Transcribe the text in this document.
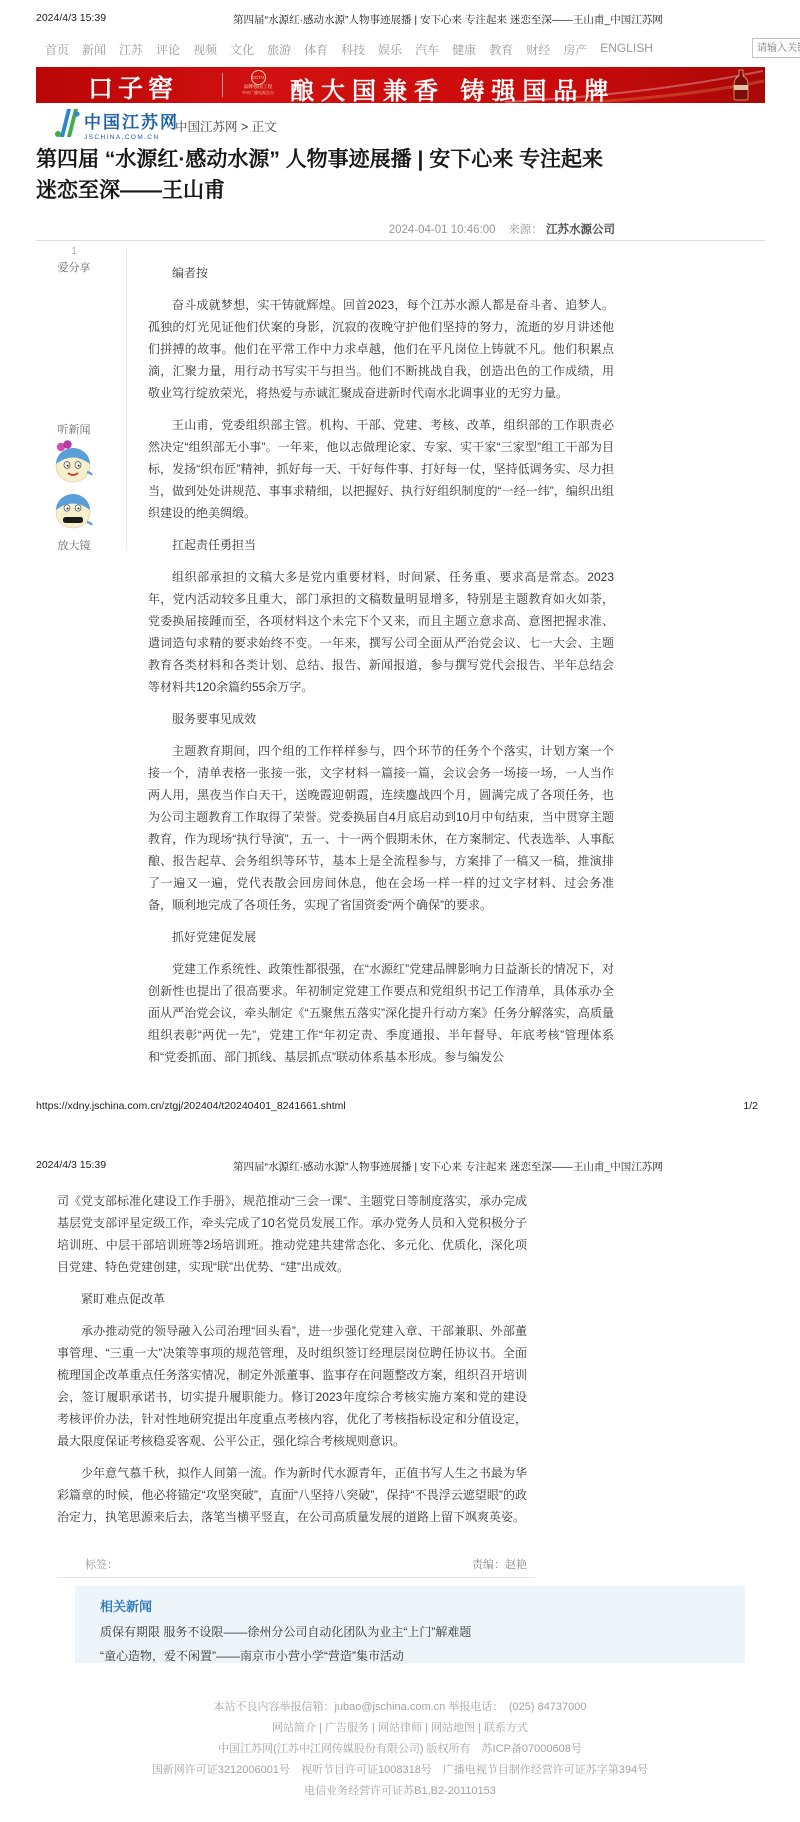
2024/4/3 15:39	第四届“水源红·感动水源”人物事迹展播 | 安下心来 专注起来 迷恋至深——王山甫_中国江苏网
首页 新闻 江苏 评论 视频 文化 旅游 体育 科技 娱乐 汽车 健康 教育 财经 房产 ENGLISH
请输入关键字
口子窖	CCTV
品牌强国工程
中央广播电视总台 酿大国兼香 铸强国品牌
中国江苏网
JSCHINA.COM.CN
中国江苏网 > 正文
第四届 “水源红·感动水源” 人物事迹展播 | 安下心来 专注起来 迷恋至深——王山甫
2024-04-01 10:46:00 来源： 江苏水源公司
1
爱分享
听新闻
放大镜

编者按

奋斗成就梦想，实干铸就辉煌。回首2023，每个江苏水源人都是奋斗者、追梦人。孤独的灯光见证他们伏案的身影，沉寂的夜晚守护他们坚持的努力，流逝的岁月讲述他们拼搏的故事。他们在平常工作中力求卓越，他们在平凡岗位上铸就不凡。他们积累点滴，汇聚力量，用行动书写实干与担当。他们不断挑战自我，创造出色的工作成绩，用敬业笃行绽放荣光，将热爱与赤诚汇聚成奋进新时代南水北调事业的无穷力量。

王山甫，党委组织部主管。机构、干部、党建、考核、改革，组织部的工作职责必然决定“组织部无小事”。一年来，他以志做理论家、专家、实干家“三家型”组工干部为目标，发扬“织布匠”精神，抓好每一天、干好每件事、打好每一仗，坚持低调务实、尽力担当，做到处处讲规范、事事求精细，以把握好、执行好组织制度的“一经一纬”，编织出组织建设的绝美绸缎。

扛起责任勇担当

组织部承担的文稿大多是党内重要材料，时间紧、任务重、要求高是常态。2023年，党内活动较多且重大，部门承担的文稿数量明显增多，特别是主题教育如火如荼，党委换届接踵而至，各项材料这个未完下个又来，而且主题立意求高、意图把握求准、遣词造句求精的要求始终不变。一年来，撰写公司全面从严治党会议、七一大会、主题教育各类材料和各类计划、总结、报告、新闻报道，参与撰写党代会报告、半年总结会等材料共120余篇约55余万字。

服务要事见成效

主题教育期间，四个组的工作样样参与，四个环节的任务个个落实，计划方案一个接一个，清单表格一张接一张，文字材料一篇接一篇，会议会务一场接一场，一人当作两人用，黑夜当作白天干，送晚霞迎朝霞，连续鏖战四个月，圆满完成了各项任务，也为公司主题教育工作取得了荣誉。党委换届自4月底启动到10月中旬结束，当中贯穿主题教育，作为现场“执行导演”，五一、十一两个假期未休，在方案制定、代表选举、人事酝酿、报告起草、会务组织等环节，基本上是全流程参与，方案排了一稿又一稿，推演排了一遍又一遍，党代表散会回房间休息，他在会场一样一样的过文字材料、过会务准备，顺利地完成了各项任务，实现了省国资委“两个确保”的要求。

抓好党建促发展

党建工作系统性、政策性都很强，在“水源红”党建品牌影响力日益渐长的情况下，对创新性也提出了很高要求。年初制定党建工作要点和党组织书记工作清单，具体承办全面从严治党会议，牵头制定《“五聚焦五落实”深化提升行动方案》任务分解落实，高质量组织表彰“两优一先”，党建工作“年初定责、季度通报、半年督导、年底考核”管理体系和“党委抓面、部门抓线、基层抓点”联动体系基本形成。参与编发公

https://xdny.jschina.com.cn/ztgj/202404/t20240401_8241661.shtml	1/2
2024/4/3 15:39	第四届“水源红·感动水源”人物事迹展播 | 安下心来 专注起来 迷恋至深——王山甫_中国江苏网

司《党支部标准化建设工作手册》，规范推动“三会一课”、主题党日等制度落实，承办完成基层党支部评星定级工作，牵头完成了10名党员发展工作。承办党务人员和入党积极分子培训班、中层干部培训班等2场培训班。推动党建共建常态化、多元化、优质化，深化项目党建、特色党建创建，实现“联”出优势、“建”出成效。

紧盯难点促改革

承办推动党的领导融入公司治理“回头看”，进一步强化党建入章、干部兼职、外部董事管理、“三重一大”决策等事项的规范管理，及时组织签订经理层岗位聘任协议书。全面梳理国企改革重点任务落实情况，制定外派董事、监事存在问题整改方案，组织召开培训会，签订履职承诺书，切实提升履职能力。修订2023年度综合考核实施方案和党的建设考核评价办法，针对性地研究提出年度重点考核内容，优化了考核指标设定和分值设定，最大限度保证考核稳妥客观、公平公正，强化综合考核规则意识。

少年意气慕千秋，拟作人间第一流。作为新时代水源青年，正值书写人生之书最为华彩篇章的时候，他必将锚定“攻坚突破”，直面“八坚持八突破”，保持“不畏浮云遮望眼”的政治定力，执笔思源来后去，落笔当横平竖直，在公司高质量发展的道路上留下飒爽英姿。

标签：	责编：赵艳
相关新闻
质保有期限 服务不设限——徐州分公司自动化团队为业主“上门”解难题
“童心造物，爱不闲置”——南京市小营小学“营造”集市活动
本站不良内容举报信箱：jubao@jschina.com.cn 举报电话：　(025) 84737000
网站简介 | 广告服务 | 网站律师 | 网站地图 | 联系方式
中国江苏网(江苏中江网传媒股份有限公司) 版权所有　苏ICP备07000608号
国新网许可证3212006001号　视听节目许可证1008318号　广播电视节目制作经营许可证苏字第394号
电信业务经营许可证苏B1,B2-20110153
